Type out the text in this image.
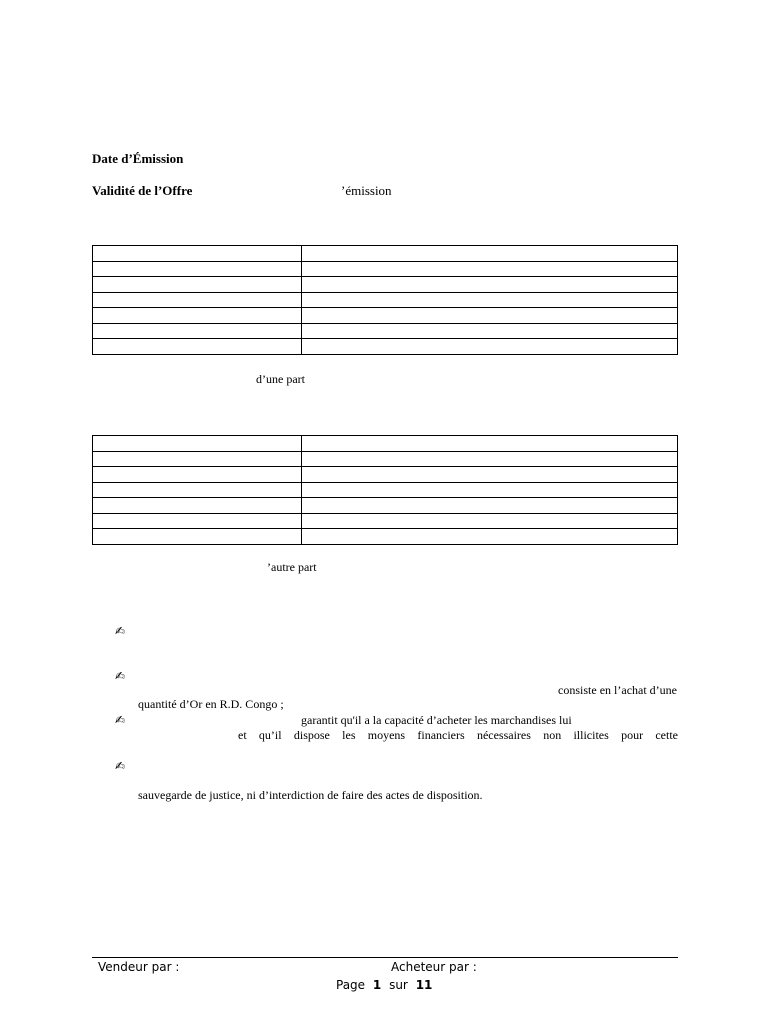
Date d’Émission
Validité de l’Offre	’émission

d’une part

’autre part
✍
✍
consiste en l’achat d’une
quantité d’Or en R.D. Congo ;
✍	garantit qu'il a la capacité d’acheter les marchandises lui
et qu’il dispose les moyens financiers nécessaires non illicites pour cette
✍
sauvegarde de justice, ni d’interdiction de faire des actes de disposition.
Vendeur par :	Acheteur par :
Page 1 sur 11
